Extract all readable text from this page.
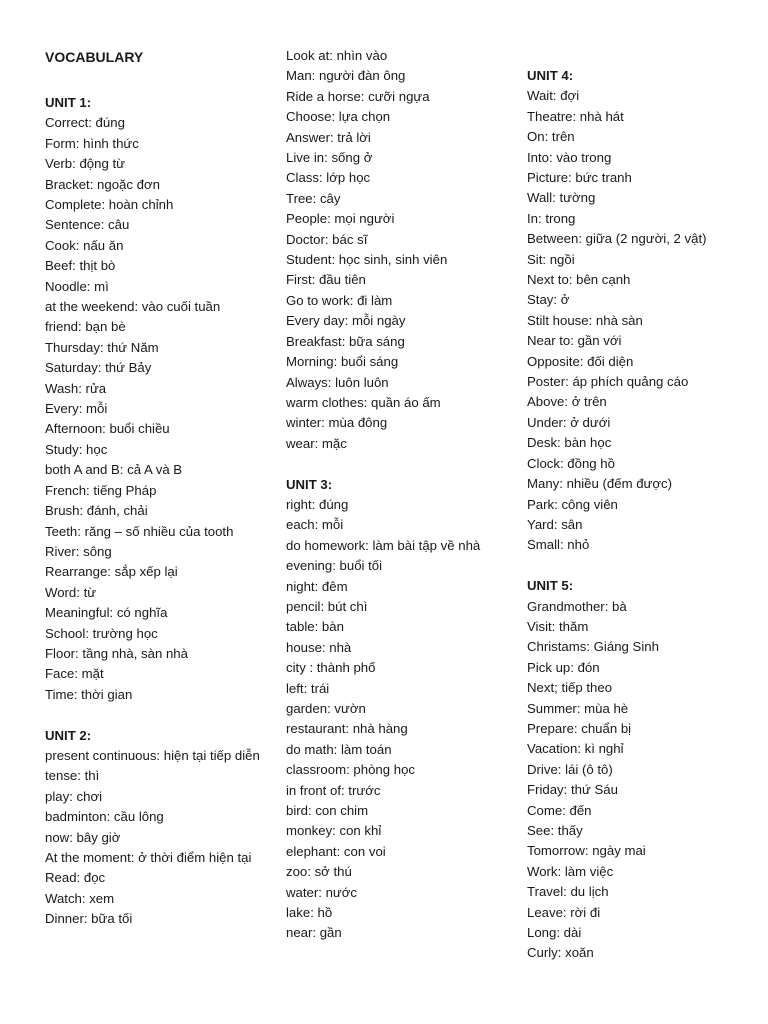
VOCABULARY
UNIT 1:
Correct: đúng
Form: hình thức
Verb: động từ
Bracket: ngoặc đơn
Complete: hoàn chỉnh
Sentence: câu
Cook: nấu ăn
Beef: thịt bò
Noodle: mì
at the weekend: vào cuối tuần
friend: bạn bè
Thursday: thứ Năm
Saturday: thứ Bảy
Wash: rửa
Every: mỗi
Afternoon: buổi chiều
Study: học
both A and B: cả A và B
French: tiếng Pháp
Brush: đánh, chải
Teeth: răng – số nhiều của tooth
River: sông
Rearrange: sắp xếp lại
Word: từ
Meaningful: có nghĩa
School: trường học
Floor: tầng nhà, sàn nhà
Face: mặt
Time: thời gian
UNIT 2:
present continuous: hiện tại tiếp diễn
tense: thì
play: chơi
badminton: cầu lông
now: bây giờ
At the moment: ở thời điểm hiện tại
Read: đọc
Watch: xem
Dinner: bữa tối
Look at: nhìn vào
Man: người đàn ông
Ride a horse: cưỡi ngựa
Choose: lựa chọn
Answer: trả lời
Live in: sống ở
Class: lớp học
Tree: cây
People: mọi người
Doctor: bác sĩ
Student: học sinh, sinh viên
First: đầu tiên
Go to work: đi làm
Every day: mỗi ngày
Breakfast: bữa sáng
Morning: buổi sáng
Always: luôn luôn
warm clothes: quần áo ấm
winter: mùa đông
wear: mặc
UNIT 3:
right: đúng
each: mỗi
do homework: làm bài tập về nhà
evening: buổi tối
night: đêm
pencil: bút chì
table: bàn
house: nhà
city : thành phố
left: trái
garden: vườn
restaurant: nhà hàng
do math: làm toán
classroom: phòng học
in front of: trước
bird: con chim
monkey: con khỉ
elephant: con voi
zoo: sở thú
water: nước
lake: hồ
near: gần
UNIT 4:
Wait: đợi
Theatre: nhà hát
On: trên
Into: vào trong
Picture: bức tranh
Wall: tường
In: trong
Between: giữa (2 người, 2 vật)
Sit: ngồi
Next to: bên cạnh
Stay: ở
Stilt house: nhà sàn
Near to: gần với
Opposite: đối diện
Poster: áp phích quảng cáo
Above: ở trên
Under: ở dưới
Desk: bàn học
Clock: đồng hồ
Many: nhiều (đếm được)
Park: công viên
Yard: sân
Small: nhỏ
UNIT 5:
Grandmother: bà
Visit: thăm
Christams: Giáng Sinh
Pick up: đón
Next; tiếp theo
Summer: mùa hè
Prepare: chuẩn bị
Vacation: kì nghỉ
Drive: lái (ô tô)
Friday: thứ Sáu
Come: đến
See: thấy
Tomorrow: ngày mai
Work: làm việc
Travel: du lịch
Leave: rời đi
Long: dài
Curly: xoăn
